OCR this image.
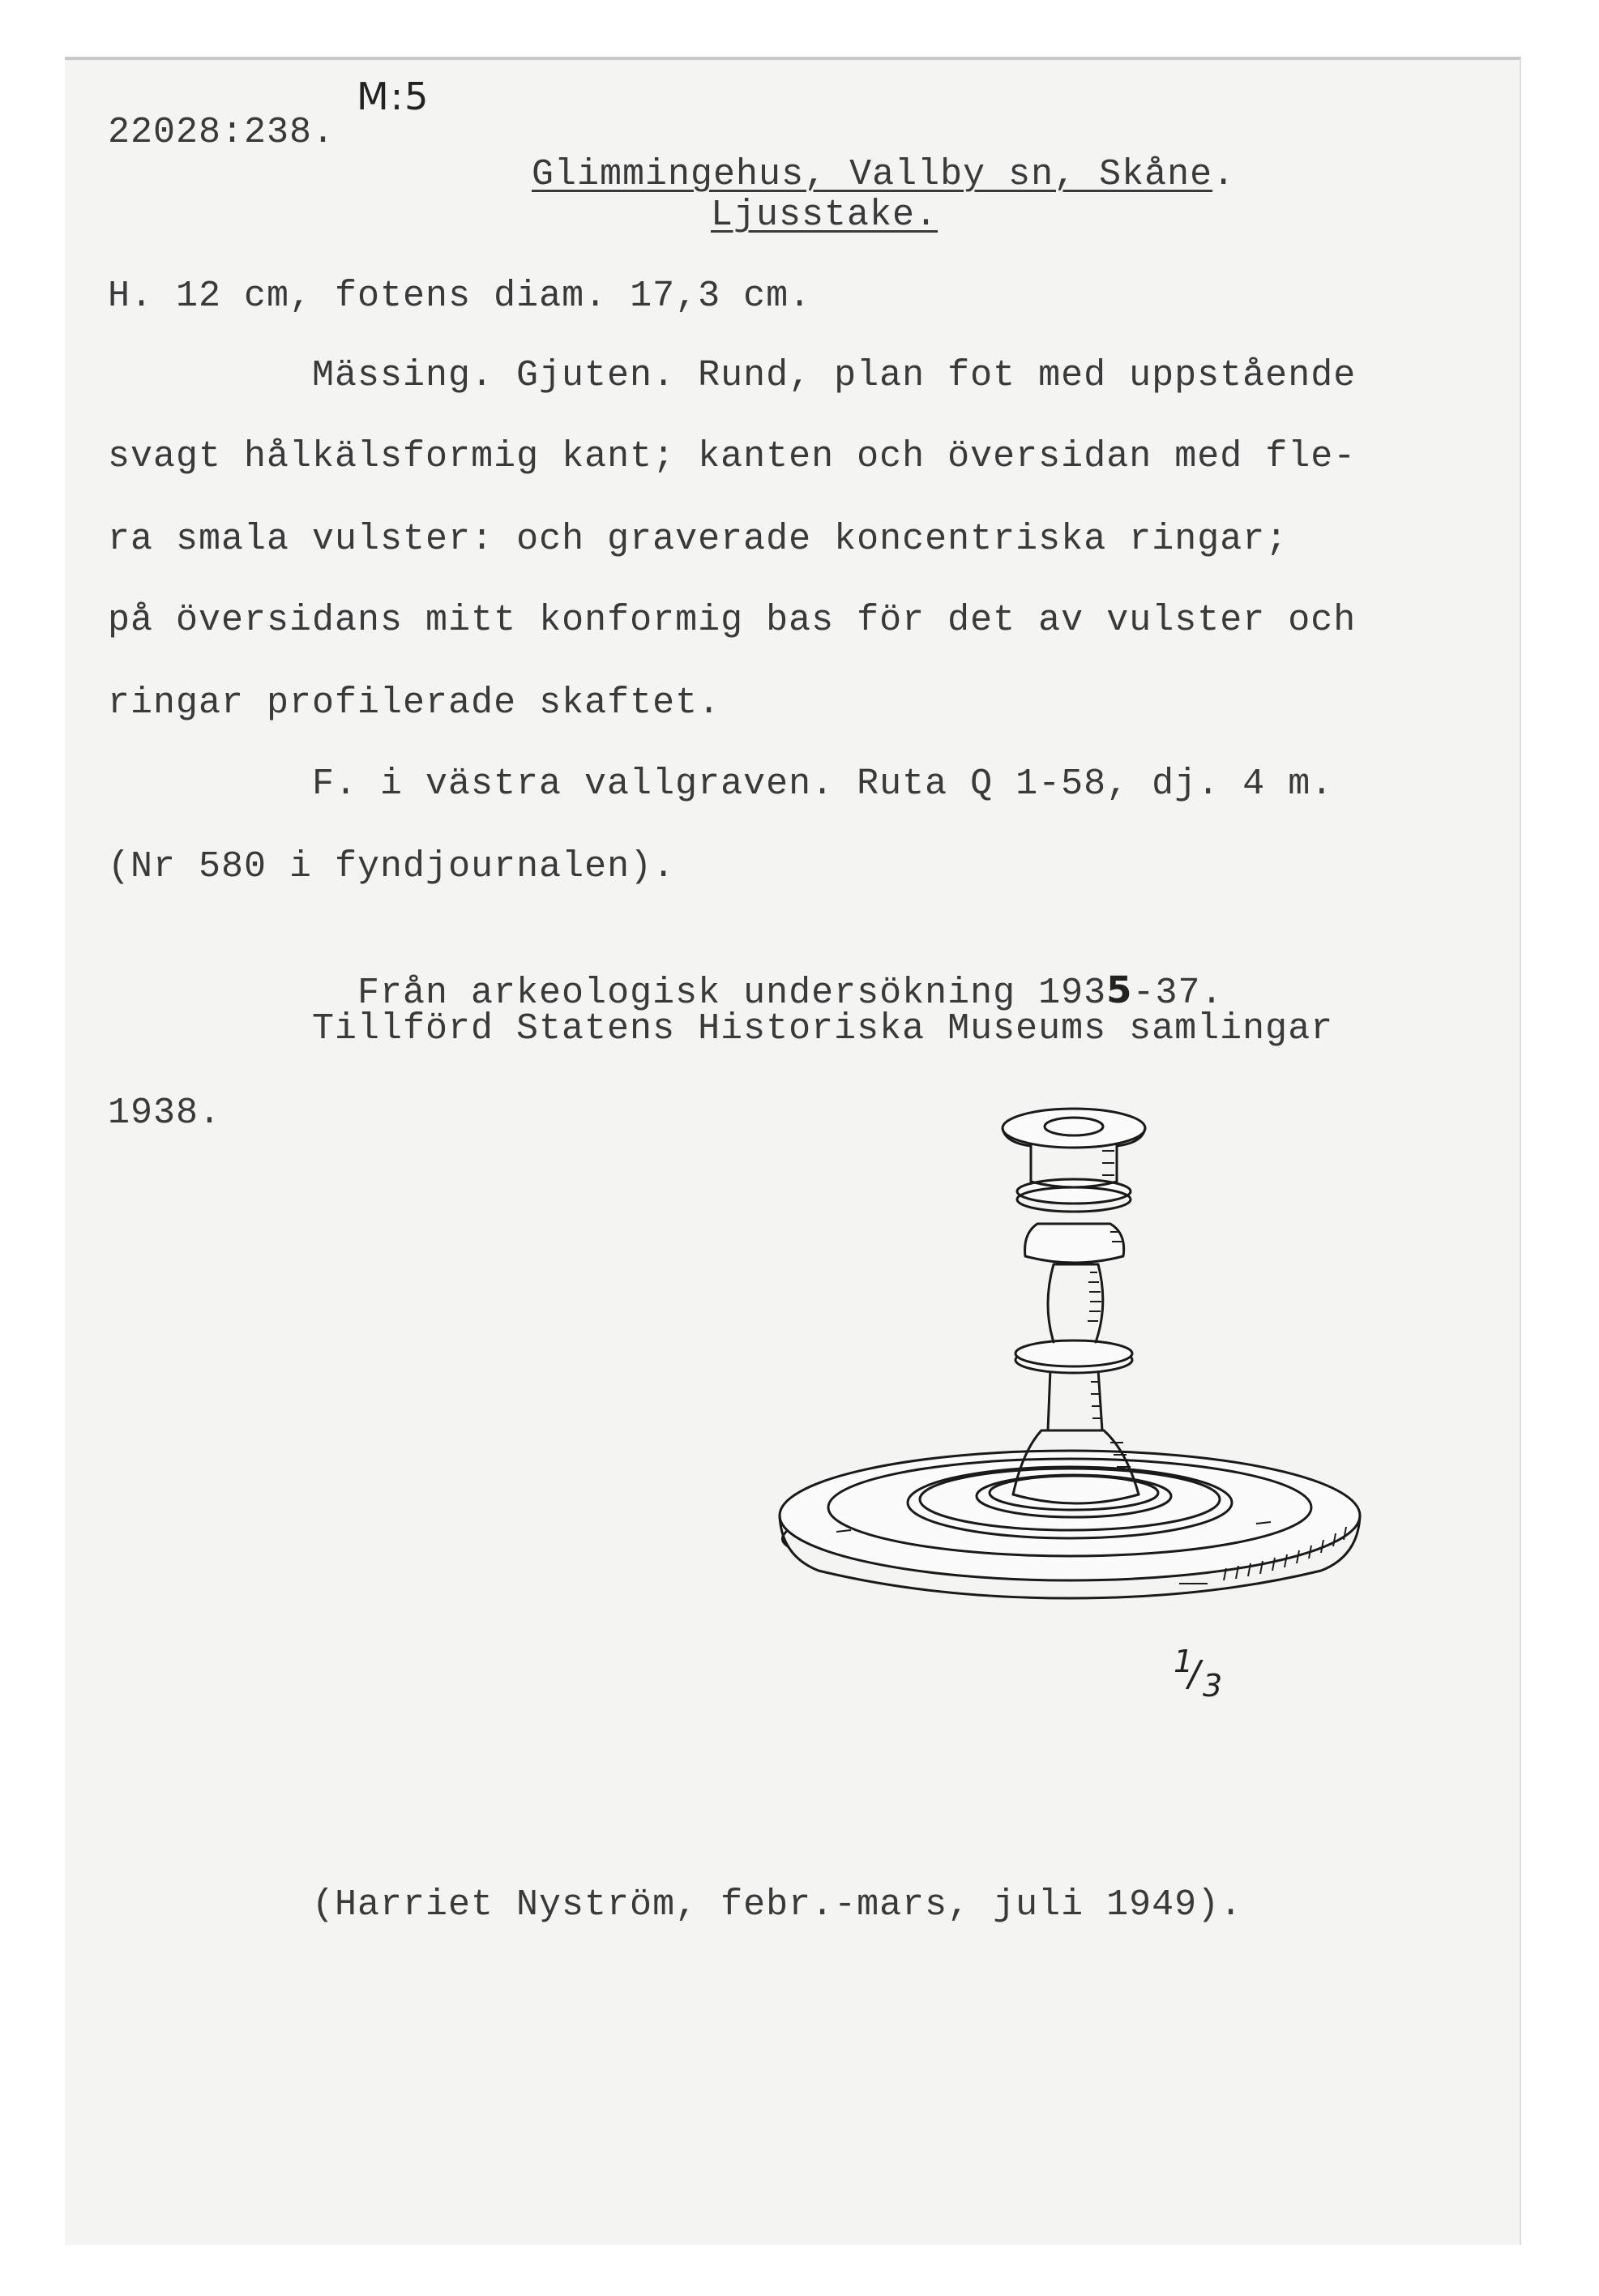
22028:238.
M:5

Glimmingehus, Vallby sn, Skåne.

Ljusstake.
H. 12 cm, fotens diam. 17,3 cm.
Mässing. Gjuten. Rund, plan fot med uppstående
svagt hålkälsformig kant; kanten och översidan med fle-
ra smala vulster: och graverade koncentriska ringar;
på översidans mitt konformig bas för det av vulster och
ringar profilerade skaftet.
F. i västra vallgraven. Ruta Q 1-58, dj. 4 m.
(Nr 580 i fyndjournalen).

Från arkeologisk undersökning 1935-37.

Tillförd Statens Historiska Museums samlingar
1938.
1
/ 3
(Harriet Nyström, febr.-mars, juli 1949).
